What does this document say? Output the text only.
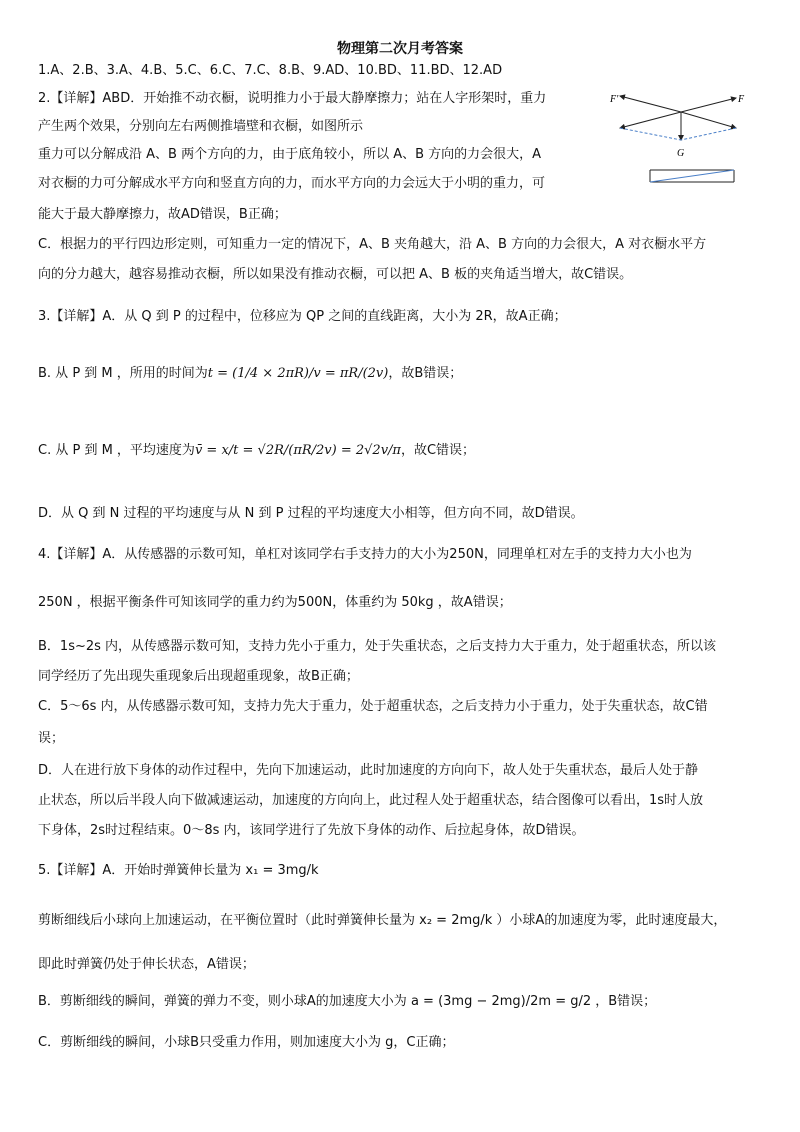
物理第二次月考答案
1.A、2.B、3.A、4.B、5.C、6.C、7.C、8.B、9.AD、10.BD、11.BD、12.AD
2.【详解】ABD．开始推不动衣橱，说明推力小于最大静摩擦力；站在人字形架时，重力
产生两个效果，分别向左右两侧推墙壁和衣橱，如图所示
重力可以分解成沿 A、B 两个方向的力，由于底角较小，所以 A、B 方向的力会很大，A
对衣橱的力可分解成水平方向和竖直方向的力，而水平方向的力会远大于小明的重力，可
能大于最大静摩擦力，故AD错误，B正确；
C．根据力的平行四边形定则，可知重力一定的情况下，A、B 夹角越大，沿 A、B 方向的力会很大，A 对衣橱水平方
向的分力越大，越容易推动衣橱，所以如果没有推动衣橱，可以把 A、B 板的夹角适当增大，故C错误。
F'	F
G
3.【详解】A．从 Q 到 P 的过程中，位移应为 QP 之间的直线距离，大小为 2R，故A正确；
B. 从 P 到 M ，所用的时间为t = (1/4 × 2πR)/v = πR/(2v)，故B错误；
C. 从 P 到 M ，平均速度为v̄ = x/t = √2R/(πR/2v) = 2√2v/π，故C错误；
D．从 Q 到 N 过程的平均速度与从 N 到 P 过程的平均速度大小相等，但方向不同，故D错误。
4.【详解】A．从传感器的示数可知，单杠对该同学右手支持力的大小为250N，同理单杠对左手的支持力大小也为
250N ，根据平衡条件可知该同学的重力约为500N，体重约为 50kg ，故A错误；
B．1s~2s 内，从传感器示数可知，支持力先小于重力，处于失重状态，之后支持力大于重力，处于超重状态，所以该
同学经历了先出现失重现象后出现超重现象，故B正确；
C．5～6s 内，从传感器示数可知，支持力先大于重力，处于超重状态，之后支持力小于重力，处于失重状态，故C错
误；
D．人在进行放下身体的动作过程中，先向下加速运动，此时加速度的方向向下，故人处于失重状态，最后人处于静
止状态，所以后半段人向下做减速运动，加速度的方向向上，此过程人处于超重状态，结合图像可以看出，1s时人放
下身体，2s时过程结束。0～8s 内，该同学进行了先放下身体的动作、后拉起身体，故D错误。
5.【详解】A．开始时弹簧伸长量为 x₁ = 3mg/k
剪断细线后小球向上加速运动，在平衡位置时（此时弹簧伸长量为 x₂ = 2mg/k ）小球A的加速度为零，此时速度最大，
即此时弹簧仍处于伸长状态，A错误；
B．剪断细线的瞬间，弹簧的弹力不变，则小球A的加速度大小为 a = (3mg − 2mg)/2m = g/2 ，B错误；
C．剪断细线的瞬间，小球B只受重力作用，则加速度大小为 g，C正确；
